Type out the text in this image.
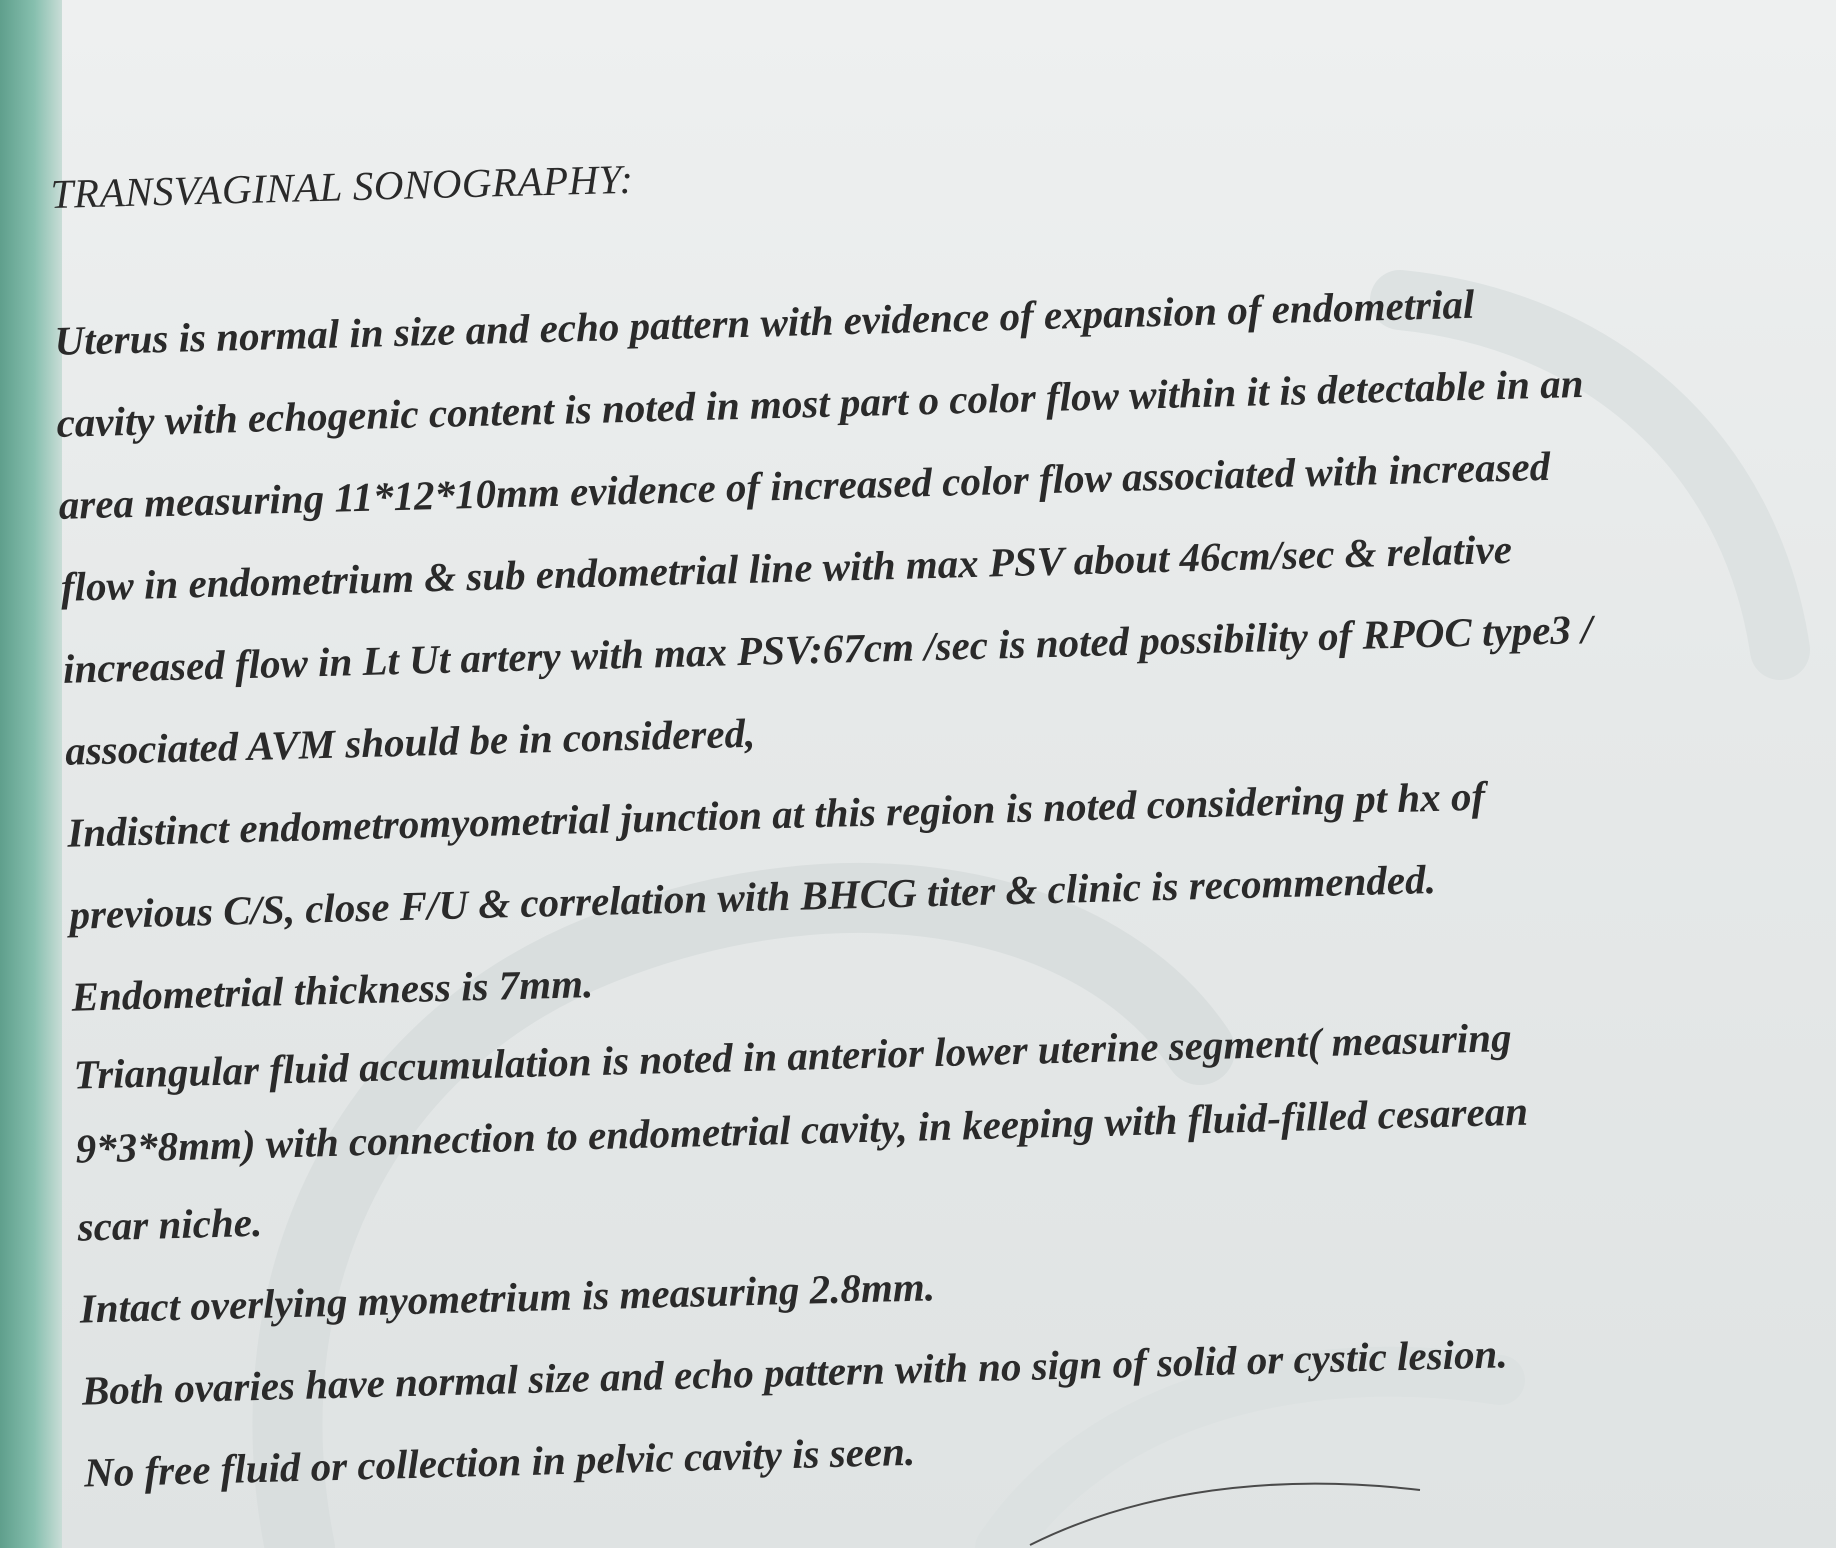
TRANSVAGINAL SONOGRAPHY:
Uterus is normal in size and echo pattern with evidence of expansion of endometrial
cavity with echogenic content is noted in most part o color flow within it is detectable in an
area measuring 11*12*10mm evidence of increased color flow associated with increased
flow in endometrium & sub endometrial line with max PSV about 46cm/sec & relative
increased flow in Lt Ut artery with max PSV:67cm /sec is noted possibility of RPOC type3 /
associated AVM should be in considered,
Indistinct endometromyometrial junction at this region is noted considering pt hx of
previous C/S, close F/U & correlation with BHCG titer & clinic is recommended.
Endometrial thickness is 7mm.
Triangular fluid accumulation is noted in anterior lower uterine segment( measuring
9*3*8mm) with connection to endometrial cavity, in keeping with fluid-filled cesarean
scar niche.
Intact overlying myometrium is measuring 2.8mm.
Both ovaries have normal size and echo pattern with no sign of solid or cystic lesion.
No free fluid or collection in pelvic cavity is seen.
